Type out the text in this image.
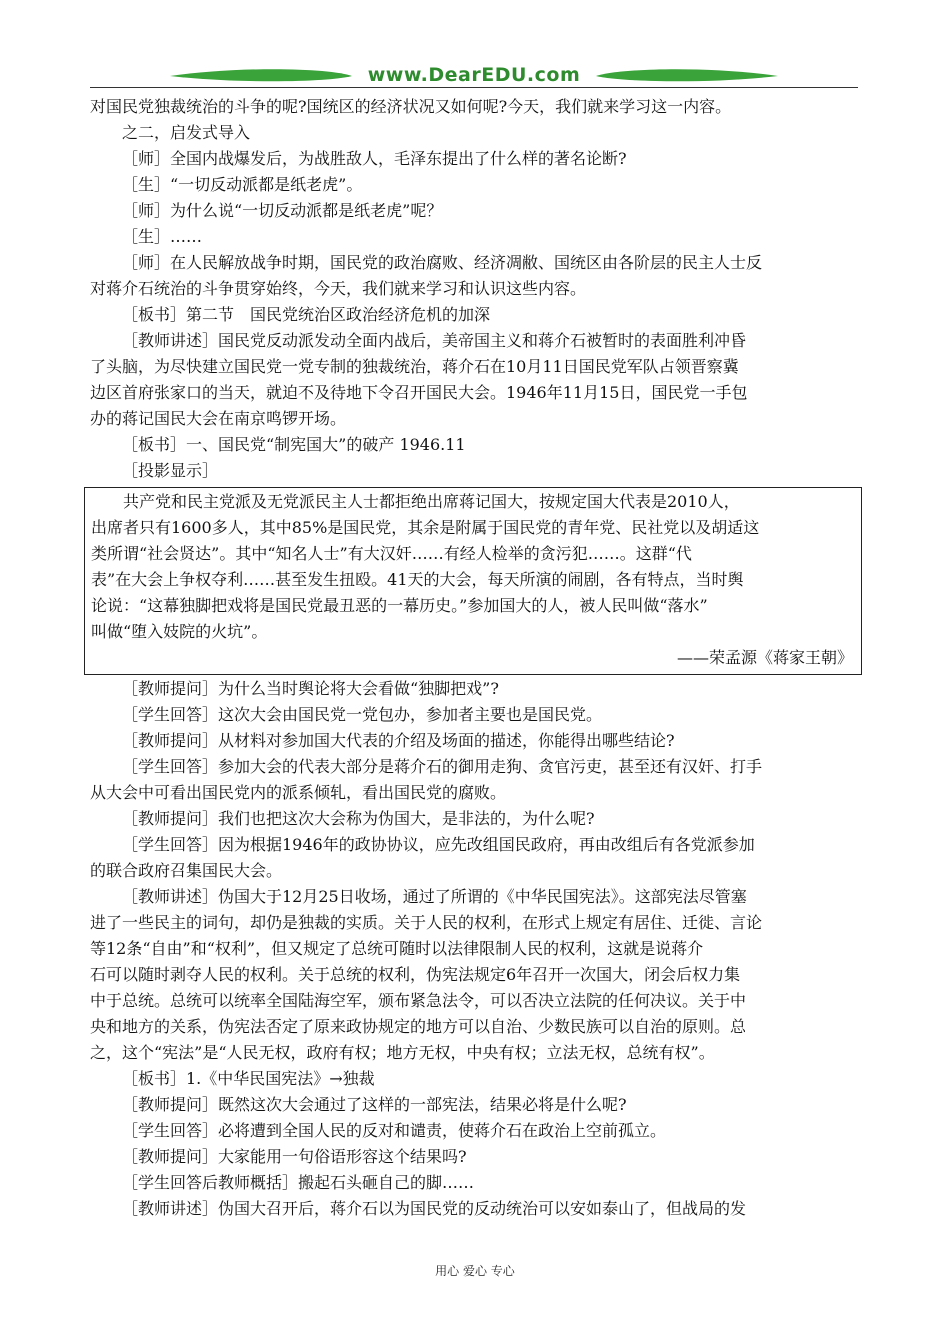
www.DearEDU.com
对国民党独裁统治的斗争的呢?国统区的经济状况又如何呢?今天，我们就来学习这一内容。
之二，启发式导入
［师］全国内战爆发后，为战胜敌人，毛泽东提出了什么样的著名论断?
［生］“一切反动派都是纸老虎”。
［师］为什么说“一切反动派都是纸老虎”呢？
［生］……
［师］在人民解放战争时期，国民党的政治腐败、经济凋敝、国统区由各阶层的民主人士反
对蒋介石统治的斗争贯穿始终，今天，我们就来学习和认识这些内容。
［板书］第二节　国民党统治区政治经济危机的加深
［教师讲述］国民党反动派发动全面内战后，美帝国主义和蒋介石被暂时的表面胜利冲昏
了头脑，为尽快建立国民党一党专制的独裁统治，蒋介石在10月11日国民党军队占领晋察冀
边区首府张家口的当天，就迫不及待地下令召开国民大会。1946年11月15日，国民党一手包
办的蒋记国民大会在南京鸣锣开场。
［板书］一、国民党“制宪国大”的破产 1946.11
［投影显示］
共产党和民主党派及无党派民主人士都拒绝出席蒋记国大，按规定国大代表是2010人，
出席者只有1600多人，其中85%是国民党，其余是附属于国民党的青年党、民社党以及胡适这
类所谓“社会贤达”。其中“知名人士”有大汉奸……有经人检举的贪污犯……。这群“代
表”在大会上争权夺利……甚至发生扭殴。41天的大会，每天所演的闹剧，各有特点，当时舆
论说：“这幕独脚把戏将是国民党最丑恶的一幕历史。”参加国大的人，被人民叫做“落水”
叫做“堕入妓院的火坑”。
——荣孟源《蒋家王朝》
［教师提问］为什么当时舆论将大会看做“独脚把戏”?
［学生回答］这次大会由国民党一党包办，参加者主要也是国民党。
［教师提问］从材料对参加国大代表的介绍及场面的描述，你能得出哪些结论?
［学生回答］参加大会的代表大部分是蒋介石的御用走狗、贪官污吏，甚至还有汉奸、打手
从大会中可看出国民党内的派系倾轧，看出国民党的腐败。
［教师提问］我们也把这次大会称为伪国大，是非法的，为什么呢?
［学生回答］因为根据1946年的政协协议，应先改组国民政府，再由改组后有各党派参加
的联合政府召集国民大会。
［教师讲述］伪国大于12月25日收场，通过了所谓的《中华民国宪法》。这部宪法尽管塞
进了一些民主的词句，却仍是独裁的实质。关于人民的权利，在形式上规定有居住、迁徙、言论
等12条“自由”和“权利”，但又规定了总统可随时以法律限制人民的权利，这就是说蒋介
石可以随时剥夺人民的权利。关于总统的权利，伪宪法规定6年召开一次国大，闭会后权力集
中于总统。总统可以统率全国陆海空军，颁布紧急法令，可以否决立法院的任何决议。关于中
央和地方的关系，伪宪法否定了原来政协规定的地方可以自治、少数民族可以自治的原则。总
之，这个“宪法”是“人民无权，政府有权；地方无权，中央有权；立法无权，总统有权”。
［板书］1.《中华民国宪法》→独裁
［教师提问］既然这次大会通过了这样的一部宪法，结果必将是什么呢?
［学生回答］必将遭到全国人民的反对和谴责，使蒋介石在政治上空前孤立。
［教师提问］大家能用一句俗语形容这个结果吗?
［学生回答后教师概括］搬起石头砸自己的脚……
［教师讲述］伪国大召开后，蒋介石以为国民党的反动统治可以安如泰山了，但战局的发
用心 爱心 专心
